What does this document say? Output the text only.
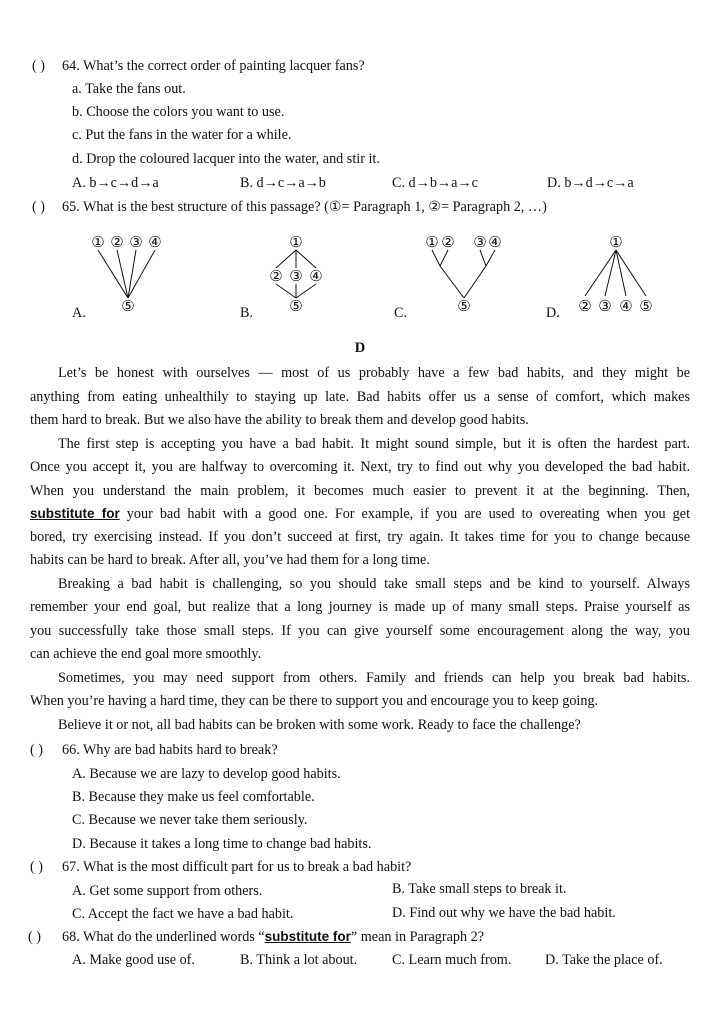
( ) 64. What’s the correct order of painting lacquer fans?
a. Take the fans out.
b. Choose the colors you want to use.
c. Put the fans in the water for a while.
d. Drop the coloured lacquer into the water, and stir it.
A. b→c→d→a	B. d→c→a→b	C. d→b→a→c	D. b→d→c→a
( ) 65. What is the best structure of this passage? (①= Paragraph 1, ②= Paragraph 2, …)
① ② ③ ④
⑤
A.
①
② ③ ④
⑤
B.
① ② ③ ④
⑤
C.
①
② ③ ④ ⑤
D.
D
Let’s be honest with ourselves — most of us probably have a few bad habits, and they might be
anything from eating unhealthily to staying up late. Bad habits offer us a sense of comfort, which makes
them hard to break. But we also have the ability to break them and develop good habits.
The first step is accepting you have a bad habit. It might sound simple, but it is often the hardest part.
Once you accept it, you are halfway to overcoming it. Next, try to find out why you developed the bad habit.
When you understand the main problem, it becomes much easier to prevent it at the beginning. Then,
substitute for your bad habit with a good one. For example, if you are used to overeating when you get
bored, try exercising instead. If you don’t succeed at first, try again. It takes time for you to change because
habits can be hard to break. After all, you’ve had them for a long time.
Breaking a bad habit is challenging, so you should take small steps and be kind to yourself. Always
remember your end goal, but realize that a long journey is made up of many small steps. Praise yourself as
you successfully take those small steps. If you can give yourself some encouragement along the way, you
can achieve the end goal more smoothly.
Sometimes, you may need support from others. Family and friends can help you break bad habits.
When you’re having a hard time, they can be there to support you and encourage you to keep going.
Believe it or not, all bad habits can be broken with some work. Ready to face the challenge?
( ) 66. Why are bad habits hard to break?
A. Because we are lazy to develop good habits.
B. Because they make us feel comfortable.
C. Because we never take them seriously.
D. Because it takes a long time to change bad habits.
( ) 67. What is the most difficult part for us to break a bad habit?
A. Get some support from others.	B. Take small steps to break it.
C. Accept the fact we have a bad habit.	D. Find out why we have the bad habit.
( ) 68. What do the underlined words “substitute for” mean in Paragraph 2?
A. Make good use of.	B. Think a lot about. C. Learn much from. D. Take the place of.
